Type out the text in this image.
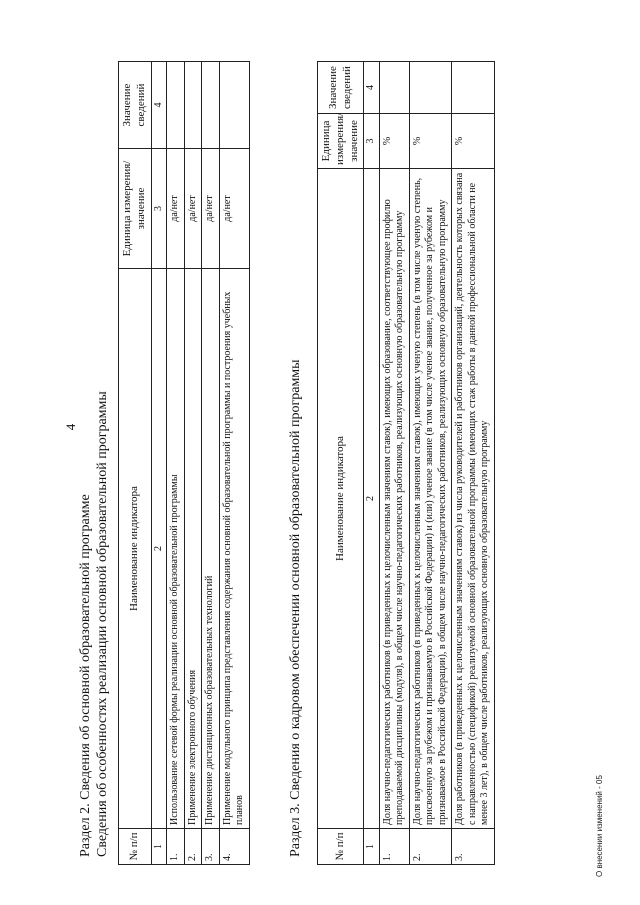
4
Раздел 2. Сведения об основной образовательной программе Сведения об особенностях реализации основной образовательной программы № п/п	Наименование индикатора	Единица измерения/ значение	Значение сведений
1	2	3	4
1.	Использование сетевой формы реализации основной образовательной программы	да/нет	
2.	Применение электронного обучения	да/нет	
3.	Применение дистанционных образовательных технологий	да/нет	
4.	Применение модульного принципа представления содержания основной образовательной программы и построения учебных планов	да/нет	
Раздел 3. Сведения о кадровом обеспечении основной образовательной программы	№ п/п	Наименование индикатора	Единица измерения/ значение	Значение сведений
1	2	3	4
1.	Доля научно-педагогических работников (в приведенных к целочисленным значениям ставок), имеющих образование, соответствующее профилю преподаваемой дисциплины (модуля), в общем числе научно-педагогических работников, реализующих основную образовательную программу	%	
2.	Доля научно-педагогических работников (в приведенных к целочисленным значениям ставок), имеющих ученую степень (в том числе ученую степень, присвоенную за рубежом и признаваемую в Российской Федерации) и (или) ученое звание (в том числе ученое звание, полученное за рубежом и признаваемое в Российской Федерации), в общем числе научно-педагогических работников, реализующих основную образовательную программу	%	
3.	Доля работников (в приведенных к целочисленным значениям ставок) из числа руководителей и работников организаций, деятельность которых связана с направленностью (спецификой) реализуемой основной образовательной программы (имеющих стаж работы в данной профессиональной области не менее 3 лет), в общем числе работников, реализующих основную образовательную программу	%	
О внесении изменений - 05
